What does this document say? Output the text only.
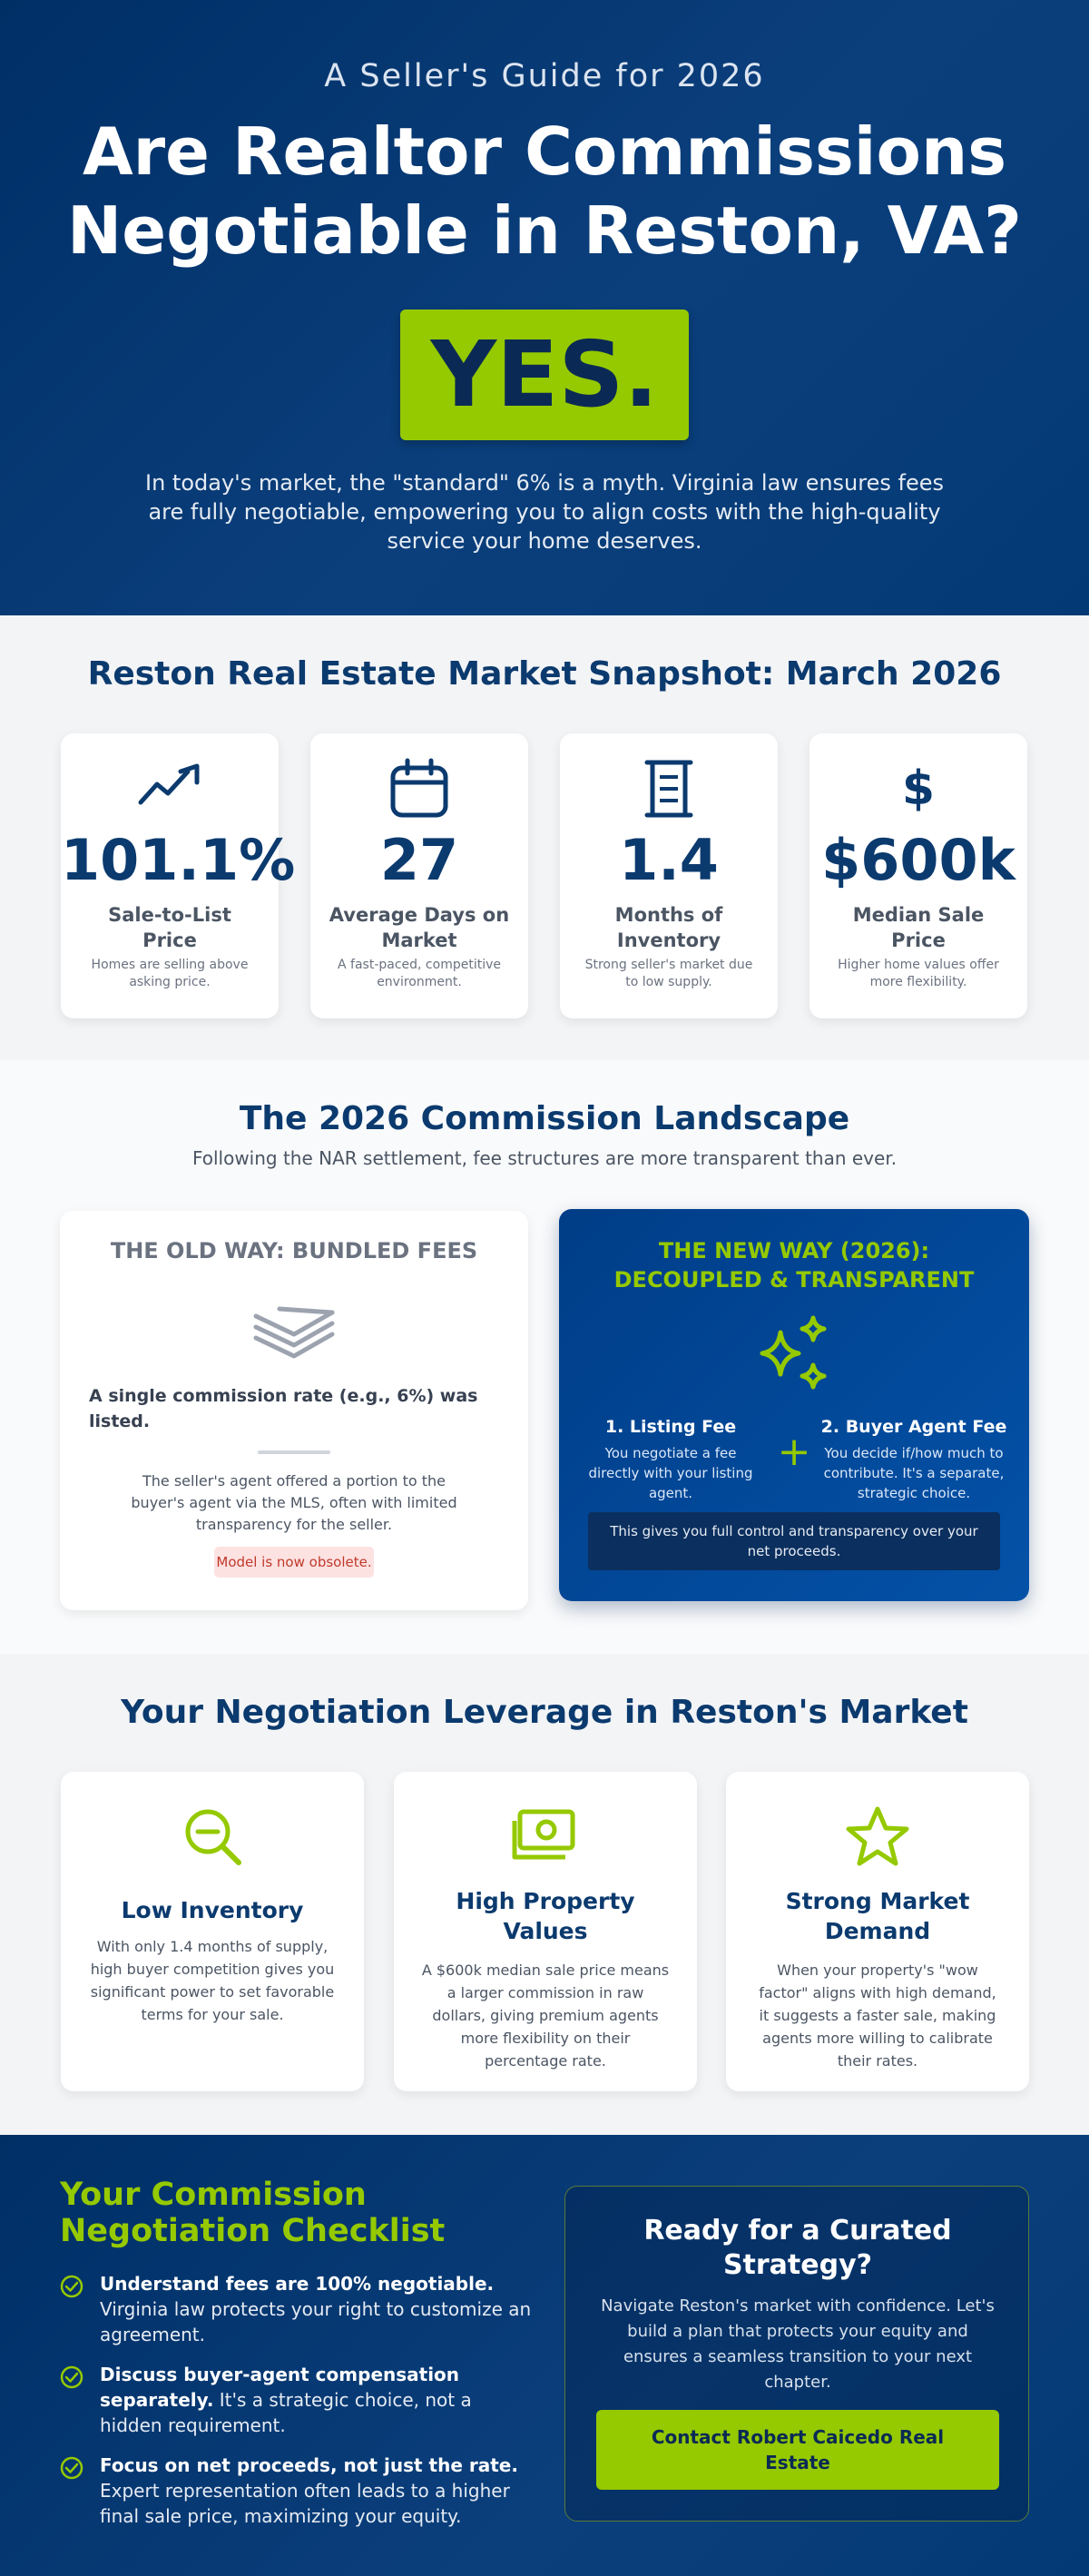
A Seller's Guide for 2026
Are Realtor Commissions
Negotiable in Reston, VA?
YES.

In today's market, the "standard" 6% is a myth. Virginia law ensures fees are fully negotiable, empowering you to align costs with the high-quality service your home deserves.

Reston Real Estate Market Snapshot: March 2026
101.1%
Sale-to-List Price
Homes are selling above asking price.
27
Average Days on Market
A fast-paced, competitive environment.
1.4
Months of Inventory
Strong seller's market due to low supply.
$
$600k
Median Sale Price
Higher home values offer more flexibility.
The 2026 Commission Landscape

Following the NAR settlement, fee structures are more transparent than ever.

THE OLD WAY: BUNDLED FEES
A single commission rate (e.g., 6%) was listed.
The seller's agent offered a portion to the buyer's agent via the MLS, often with limited transparency for the seller.
Model is now obsolete.
THE NEW WAY (2026):
DECOUPLED & TRANSPARENT
1. Listing Fee
You negotiate a fee directly with your listing agent.
+
2. Buyer Agent Fee
You decide if/how much to contribute. It's a separate, strategic choice.
This gives you full control and transparency over your net proceeds.
Your Negotiation Leverage in Reston's Market
Low Inventory
With only 1.4 months of supply, high buyer competition gives you significant power to set favorable terms for your sale.
High Property Values
A $600k median sale price means a larger commission in raw dollars, giving premium agents more flexibility on their percentage rate.
Strong Market Demand
When your property's "wow factor" aligns with high demand, it suggests a faster sale, making agents more willing to calibrate their rates.
Your Commission Negotiation Checklist
Understand fees are 100% negotiable. Virginia law protects your right to customize an agreement.
Discuss buyer-agent compensation separately. It's a strategic choice, not a hidden requirement.
Focus on net proceeds, not just the rate. Expert representation often leads to a higher final sale price, maximizing your equity.
Ready for a Curated Strategy?
Navigate Reston's market with confidence. Let's build a plan that protects your equity and ensures a seamless transition to your next chapter.
Contact Robert Caicedo Real Estate
